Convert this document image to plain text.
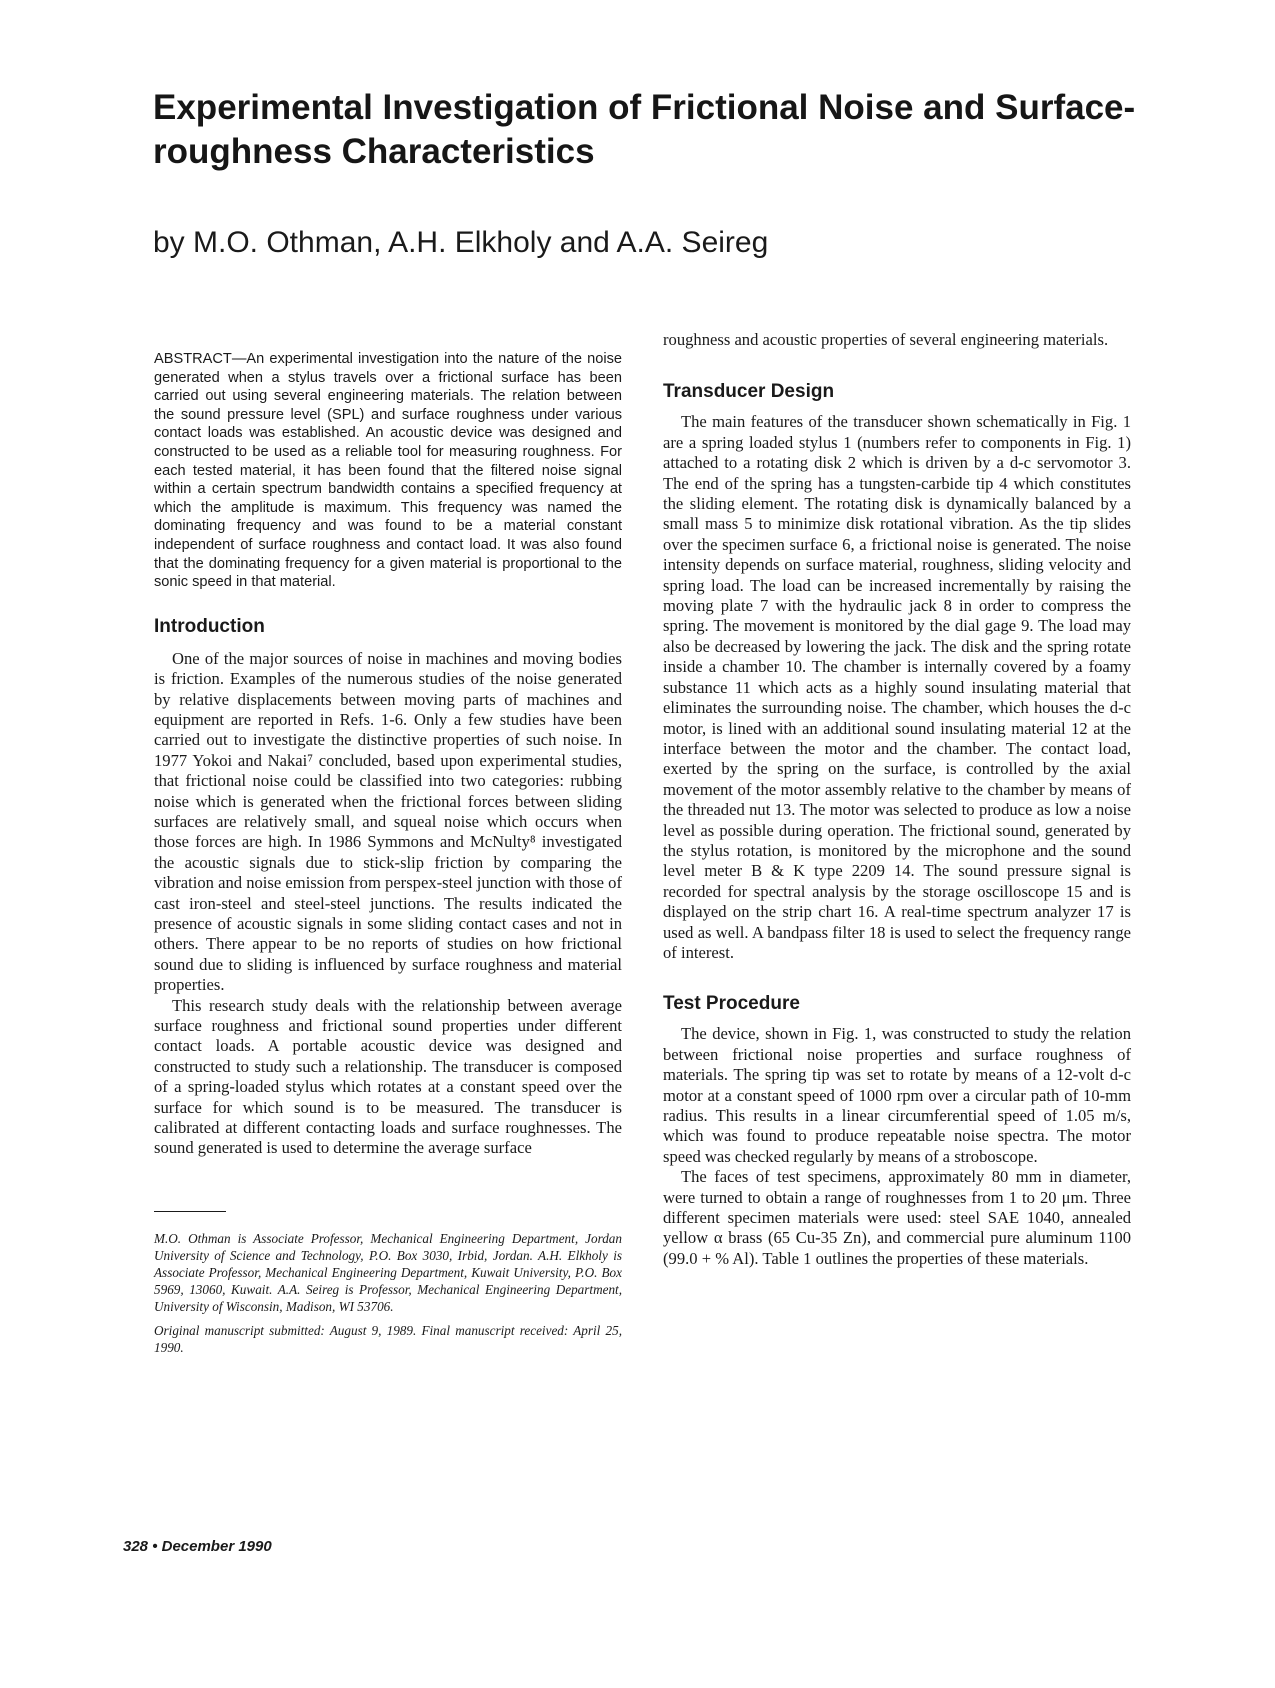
Experimental Investigation of Frictional Noise and Surface-roughness Characteristics

by M.O. Othman, A.H. Elkholy and A.A. Seireg

ABSTRACT—An experimental investigation into the nature of the noise generated when a stylus travels over a frictional surface has been carried out using several engineering materials. The relation between the sound pressure level (SPL) and surface roughness under various contact loads was established. An acoustic device was designed and constructed to be used as a reliable tool for measuring roughness. For each tested material, it has been found that the filtered noise signal within a certain spectrum bandwidth contains a specified frequency at which the amplitude is maximum. This frequency was named the dominating frequency and was found to be a material constant independent of surface roughness and contact load. It was also found that the dominating frequency for a given material is proportional to the sonic speed in that material.

Introduction

One of the major sources of noise in machines and moving bodies is friction. Examples of the numerous studies of the noise generated by relative displacements between moving parts of machines and equipment are reported in Refs. 1-6. Only a few studies have been carried out to investigate the distinctive properties of such noise. In 1977 Yokoi and Nakai⁷ concluded, based upon experimental studies, that frictional noise could be classified into two categories: rubbing noise which is generated when the frictional forces between sliding surfaces are relatively small, and squeal noise which occurs when those forces are high. In 1986 Symmons and McNulty⁸ investigated the acoustic signals due to stick-slip friction by comparing the vibration and noise emission from perspex-steel junction with those of cast iron-steel and steel-steel junctions. The results indicated the presence of acoustic signals in some sliding contact cases and not in others. There appear to be no reports of studies on how frictional sound due to sliding is influenced by surface roughness and material properties.

This research study deals with the relationship between average surface roughness and frictional sound properties under different contact loads. A portable acoustic device was designed and constructed to study such a relationship. The transducer is composed of a spring-loaded stylus which rotates at a constant speed over the surface for which sound is to be measured. The transducer is calibrated at different contacting loads and surface roughnesses. The sound generated is used to determine the average surface

M.O. Othman is Associate Professor, Mechanical Engineering Department, Jordan University of Science and Technology, P.O. Box 3030, Irbid, Jordan. A.H. Elkholy is Associate Professor, Mechanical Engineering Department, Kuwait University, P.O. Box 5969, 13060, Kuwait. A.A. Seireg is Professor, Mechanical Engineering Department, University of Wisconsin, Madison, WI 53706.

Original manuscript submitted: August 9, 1989. Final manuscript received: April 25, 1990.

roughness and acoustic properties of several engineering materials.

Transducer Design

The main features of the transducer shown schematically in Fig. 1 are a spring loaded stylus 1 (numbers refer to components in Fig. 1) attached to a rotating disk 2 which is driven by a d-c servomotor 3. The end of the spring has a tungsten-carbide tip 4 which constitutes the sliding element. The rotating disk is dynamically balanced by a small mass 5 to minimize disk rotational vibration. As the tip slides over the specimen surface 6, a frictional noise is generated. The noise intensity depends on surface material, roughness, sliding velocity and spring load. The load can be increased incrementally by raising the moving plate 7 with the hydraulic jack 8 in order to compress the spring. The movement is monitored by the dial gage 9. The load may also be decreased by lowering the jack. The disk and the spring rotate inside a chamber 10. The chamber is internally covered by a foamy substance 11 which acts as a highly sound insulating material that eliminates the surrounding noise. The chamber, which houses the d-c motor, is lined with an additional sound insulating material 12 at the interface between the motor and the chamber. The contact load, exerted by the spring on the surface, is controlled by the axial movement of the motor assembly relative to the chamber by means of the threaded nut 13. The motor was selected to produce as low a noise level as possible during operation. The frictional sound, generated by the stylus rotation, is monitored by the microphone and the sound level meter B & K type 2209 14. The sound pressure signal is recorded for spectral analysis by the storage oscilloscope 15 and is displayed on the strip chart 16. A real-time spectrum analyzer 17 is used as well. A bandpass filter 18 is used to select the frequency range of interest.

Test Procedure

The device, shown in Fig. 1, was constructed to study the relation between frictional noise properties and surface roughness of materials. The spring tip was set to rotate by means of a 12-volt d-c motor at a constant speed of 1000 rpm over a circular path of 10-mm radius. This results in a linear circumferential speed of 1.05 m/s, which was found to produce repeatable noise spectra. The motor speed was checked regularly by means of a stroboscope.

The faces of test specimens, approximately 80 mm in diameter, were turned to obtain a range of roughnesses from 1 to 20 μm. Three different specimen materials were used: steel SAE 1040, annealed yellow α brass (65 Cu-35 Zn), and commercial pure aluminum 1100 (99.0 + % Al). Table 1 outlines the properties of these materials.

328 • December 1990
